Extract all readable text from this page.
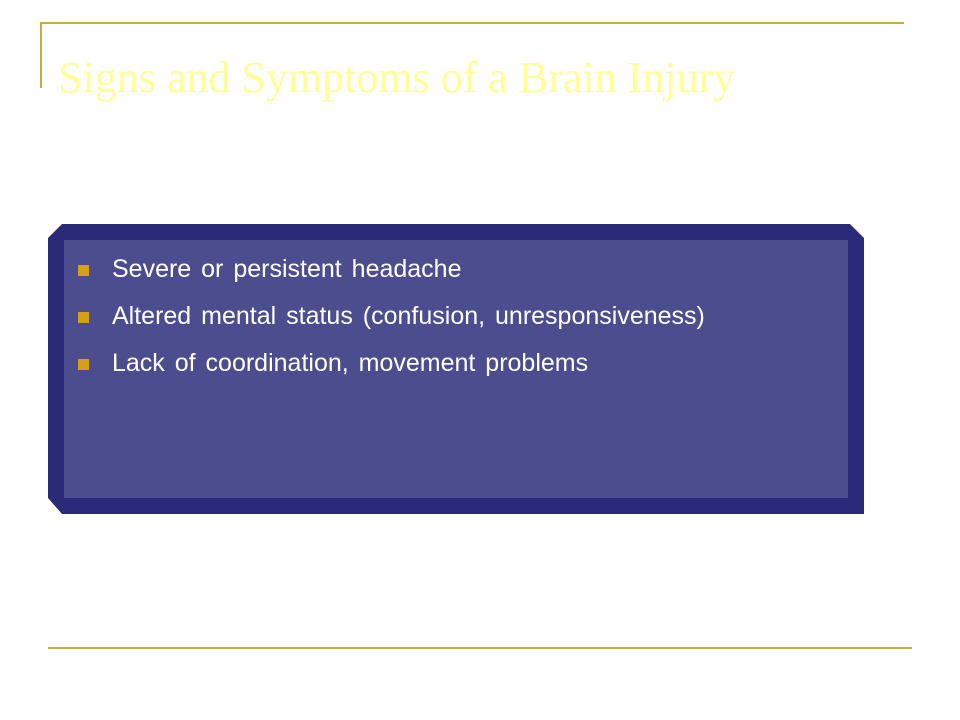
Signs and Symptoms of a Brain Injury
Severe or persistent headache
Altered mental status (confusion, unresponsiveness)
Lack of coordination, movement problems
